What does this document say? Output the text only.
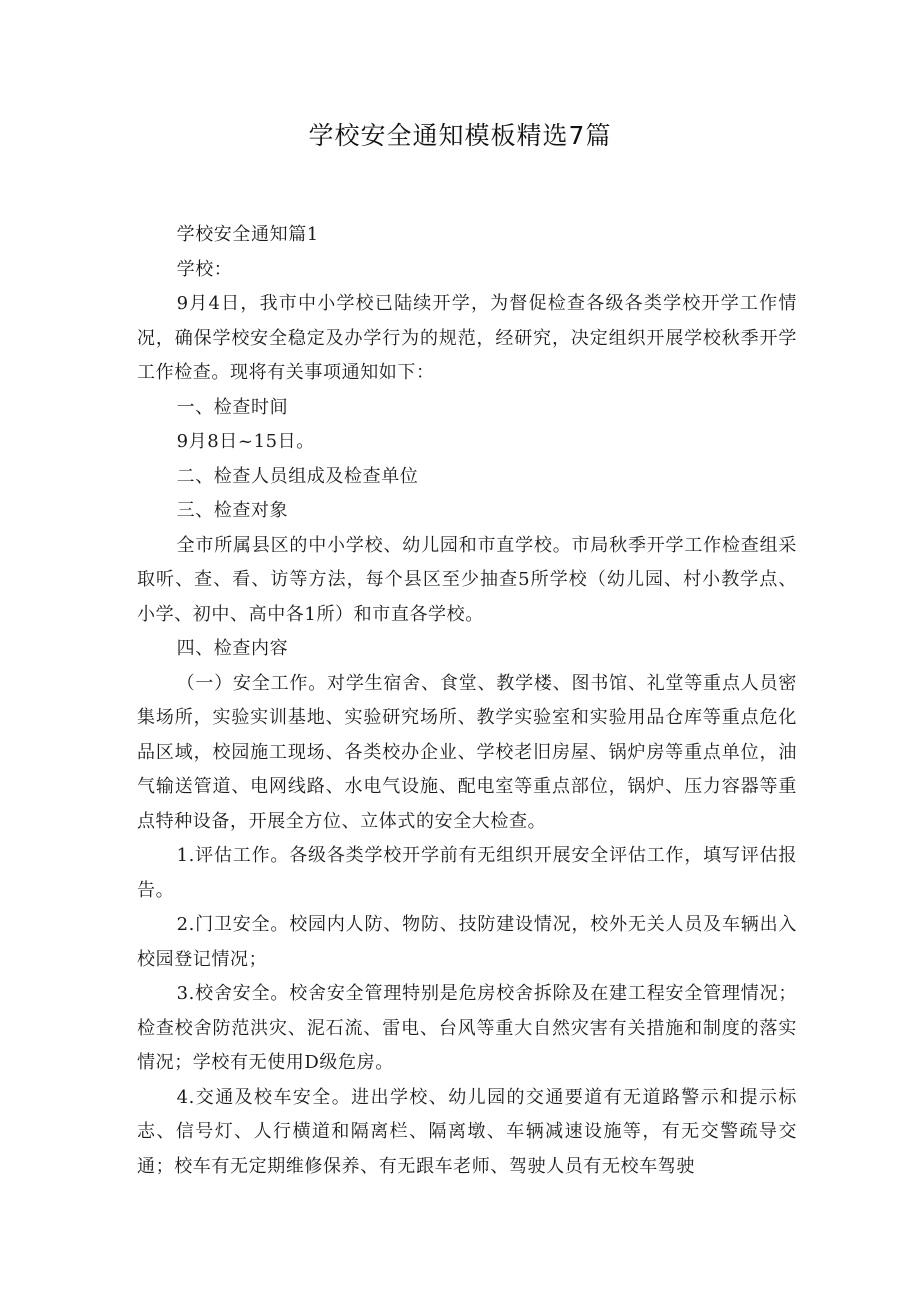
学校安全通知模板精选7篇

学校安全通知篇1

学校：

9月4日，我市中小学校已陆续开学，为督促检查各级各类学校开学工作情况，确保学校安全稳定及办学行为的规范，经研究，决定组织开展学校秋季开学工作检查。现将有关事项通知如下：

一、检查时间

9月8日~15日。

二、检查人员组成及检查单位

三、检查对象

全市所属县区的中小学校、幼儿园和市直学校。市局秋季开学工作检查组采取听、查、看、访等方法，每个县区至少抽查5所学校（幼儿园、村小教学点、小学、初中、高中各1所）和市直各学校。

四、检查内容

（一）安全工作。对学生宿舍、食堂、教学楼、图书馆、礼堂等重点人员密集场所，实验实训基地、实验研究场所、教学实验室和实验用品仓库等重点危化品区域，校园施工现场、各类校办企业、学校老旧房屋、锅炉房等重点单位，油气输送管道、电网线路、水电气设施、配电室等重点部位，锅炉、压力容器等重点特种设备，开展全方位、立体式的安全大检查。

1.评估工作。各级各类学校开学前有无组织开展安全评估工作，填写评估报告。

2.门卫安全。校园内人防、物防、技防建设情况，校外无关人员及车辆出入校园登记情况；

3.校舍安全。校舍安全管理特别是危房校舍拆除及在建工程安全管理情况；检查校舍防范洪灾、泥石流、雷电、台风等重大自然灾害有关措施和制度的落实情况；学校有无使用D级危房。

4.交通及校车安全。进出学校、幼儿园的交通要道有无道路警示和提示标志、信号灯、人行横道和隔离栏、隔离墩、车辆减速设施等，有无交警疏导交通；校车有无定期维修保养、有无跟车老师、驾驶人员有无校车驾驶
